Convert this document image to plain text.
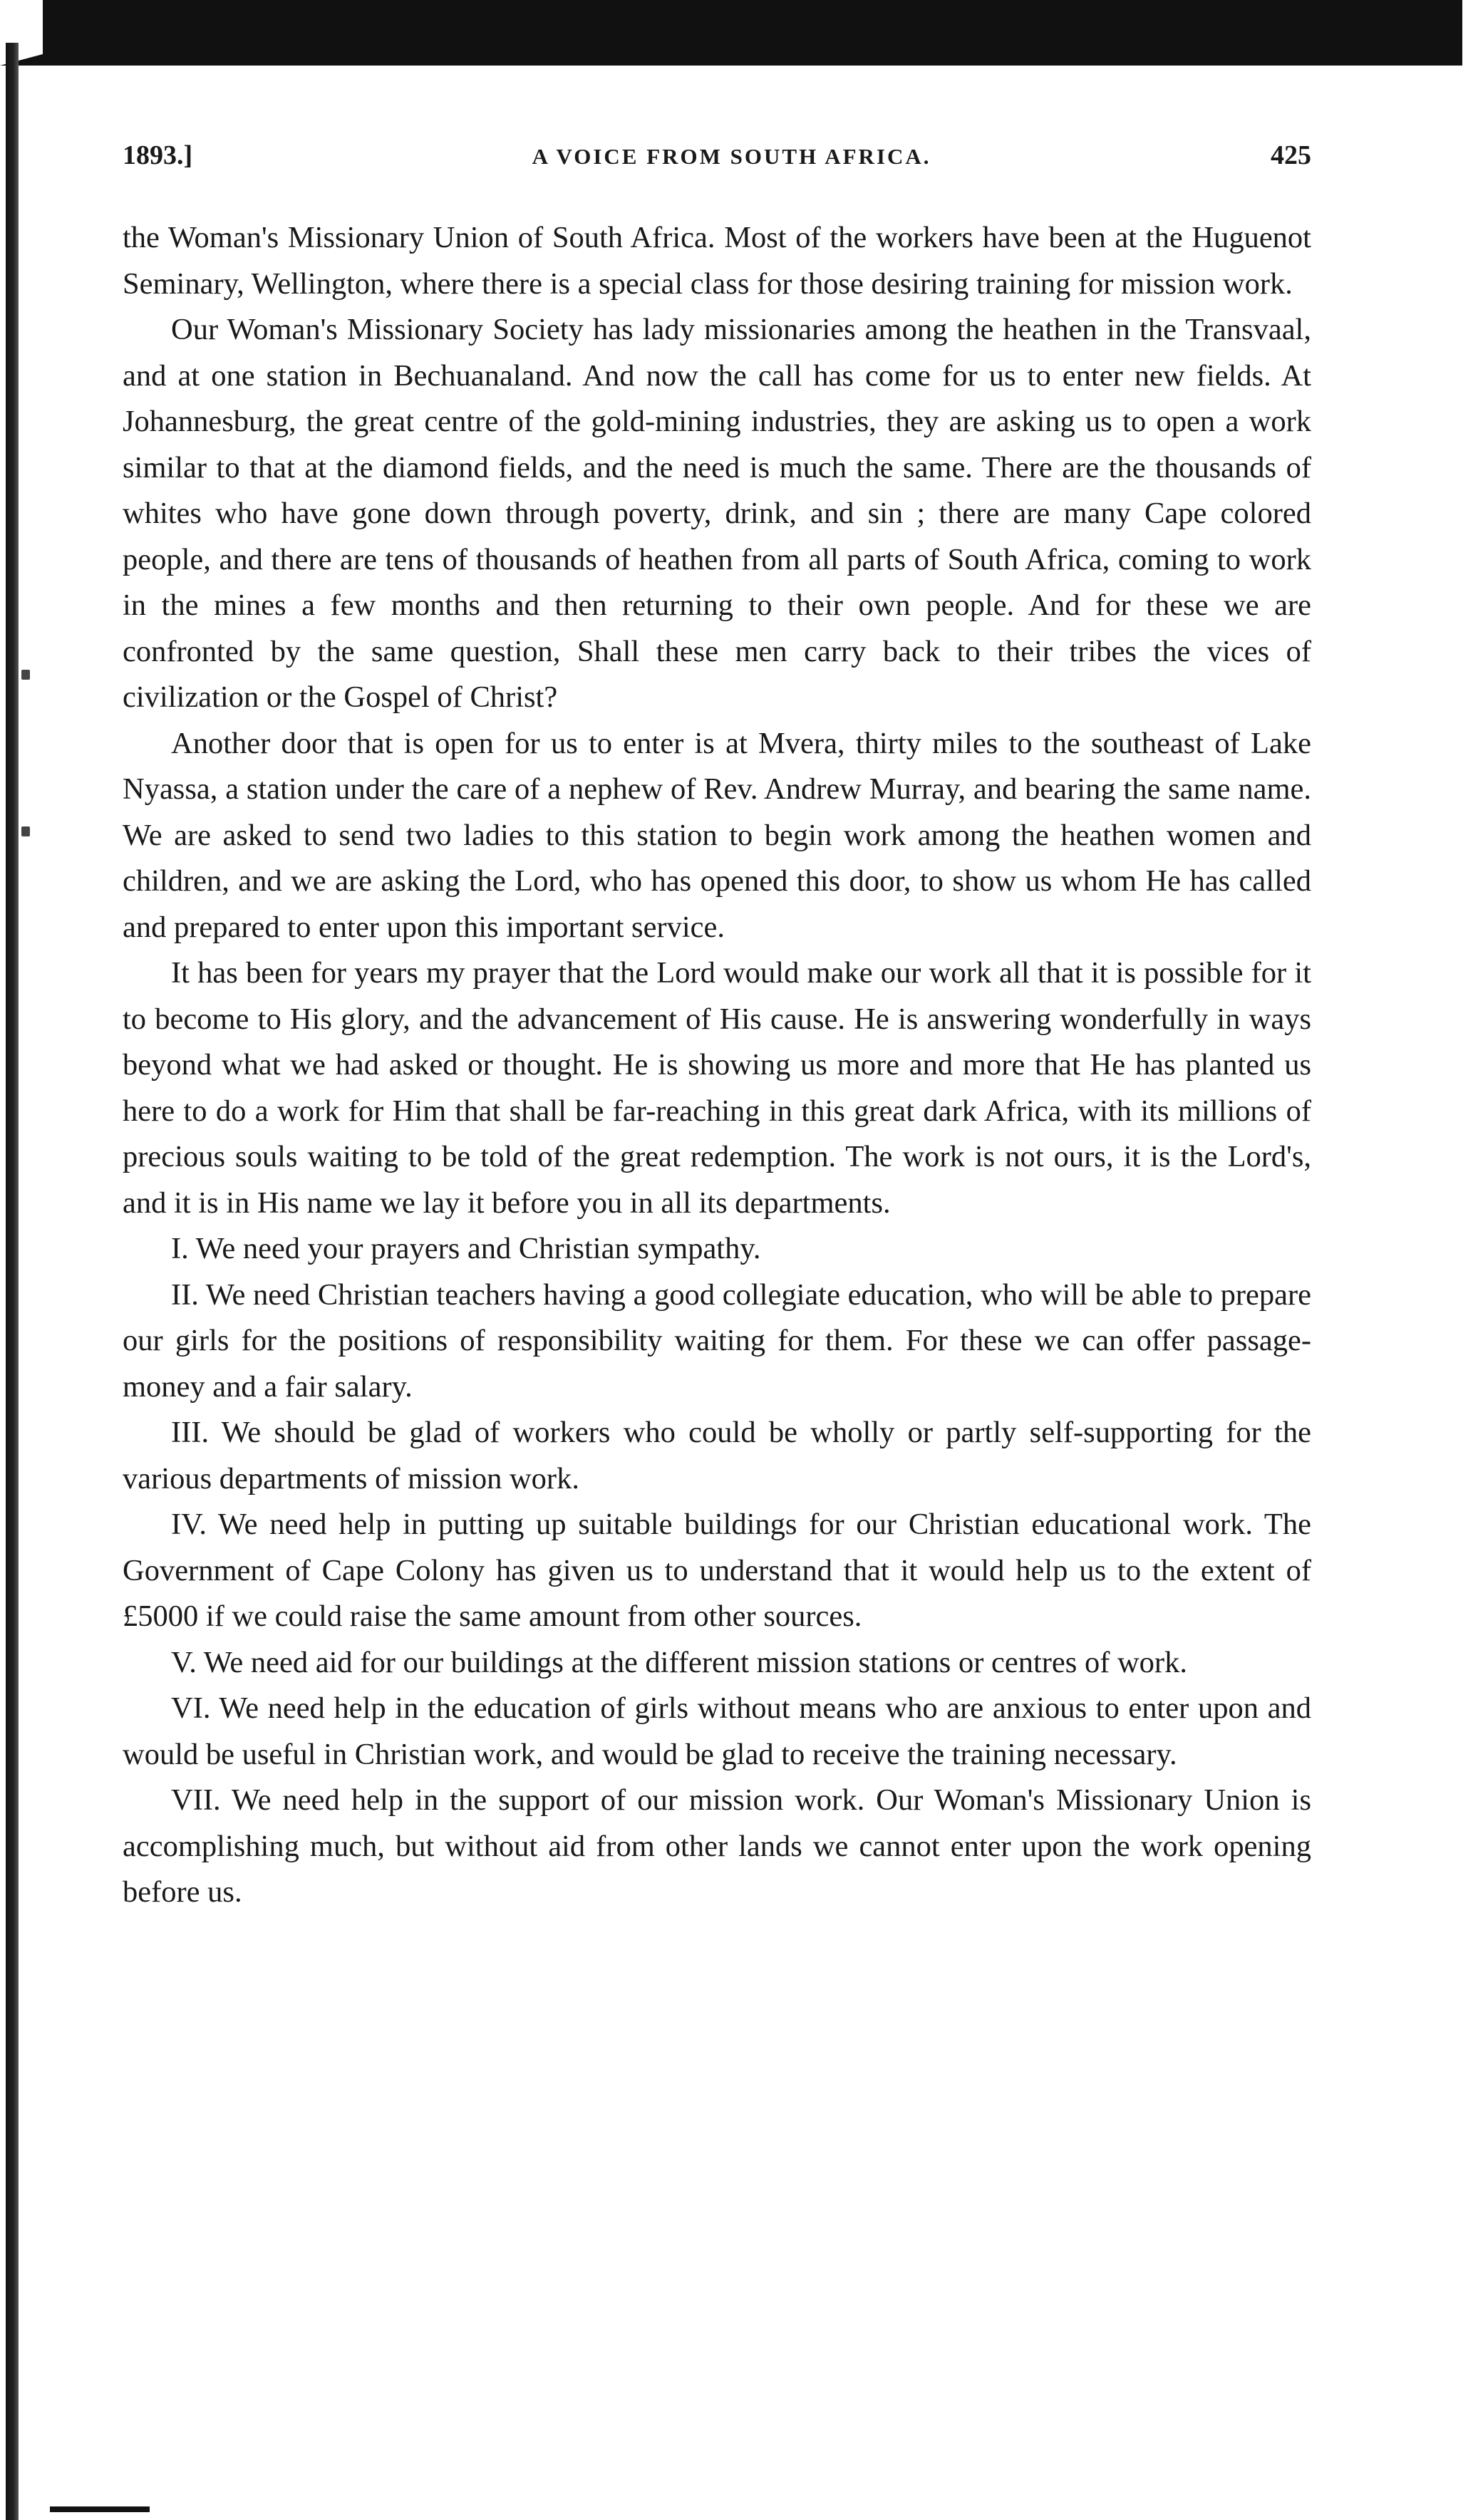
1893.]	A VOICE FROM SOUTH AFRICA.	425

the Woman's Missionary Union of South Africa. Most of the workers have been at the Huguenot Seminary, Wellington, where there is a special class for those desiring training for mission work.

Our Woman's Missionary Society has lady missionaries among the heathen in the Transvaal, and at one station in Bechuanaland. And now the call has come for us to enter new fields. At Johannesburg, the great centre of the gold-mining industries, they are asking us to open a work similar to that at the diamond fields, and the need is much the same. There are the thousands of whites who have gone down through poverty, drink, and sin ; there are many Cape colored people, and there are tens of thousands of heathen from all parts of South Africa, coming to work in the mines a few months and then returning to their own people. And for these we are confronted by the same question, Shall these men carry back to their tribes the vices of civilization or the Gospel of Christ?

Another door that is open for us to enter is at Mvera, thirty miles to the southeast of Lake Nyassa, a station under the care of a nephew of Rev. Andrew Murray, and bearing the same name. We are asked to send two ladies to this station to begin work among the heathen women and children, and we are asking the Lord, who has opened this door, to show us whom He has called and prepared to enter upon this important service.

It has been for years my prayer that the Lord would make our work all that it is possible for it to become to His glory, and the advancement of His cause. He is answering wonderfully in ways beyond what we had asked or thought. He is showing us more and more that He has planted us here to do a work for Him that shall be far-reaching in this great dark Africa, with its millions of precious souls waiting to be told of the great redemption. The work is not ours, it is the Lord's, and it is in His name we lay it before you in all its departments.

I. We need your prayers and Christian sympathy.

II. We need Christian teachers having a good collegiate education, who will be able to prepare our girls for the positions of responsibility waiting for them. For these we can offer passage-money and a fair salary.

III. We should be glad of workers who could be wholly or partly self-supporting for the various departments of mission work.

IV. We need help in putting up suitable buildings for our Christian educational work. The Government of Cape Colony has given us to understand that it would help us to the extent of £5000 if we could raise the same amount from other sources.

V. We need aid for our buildings at the different mission stations or centres of work.

VI. We need help in the education of girls without means who are anxious to enter upon and would be useful in Christian work, and would be glad to receive the training necessary.

VII. We need help in the support of our mission work. Our Woman's Missionary Union is accomplishing much, but without aid from other lands we cannot enter upon the work opening before us.
